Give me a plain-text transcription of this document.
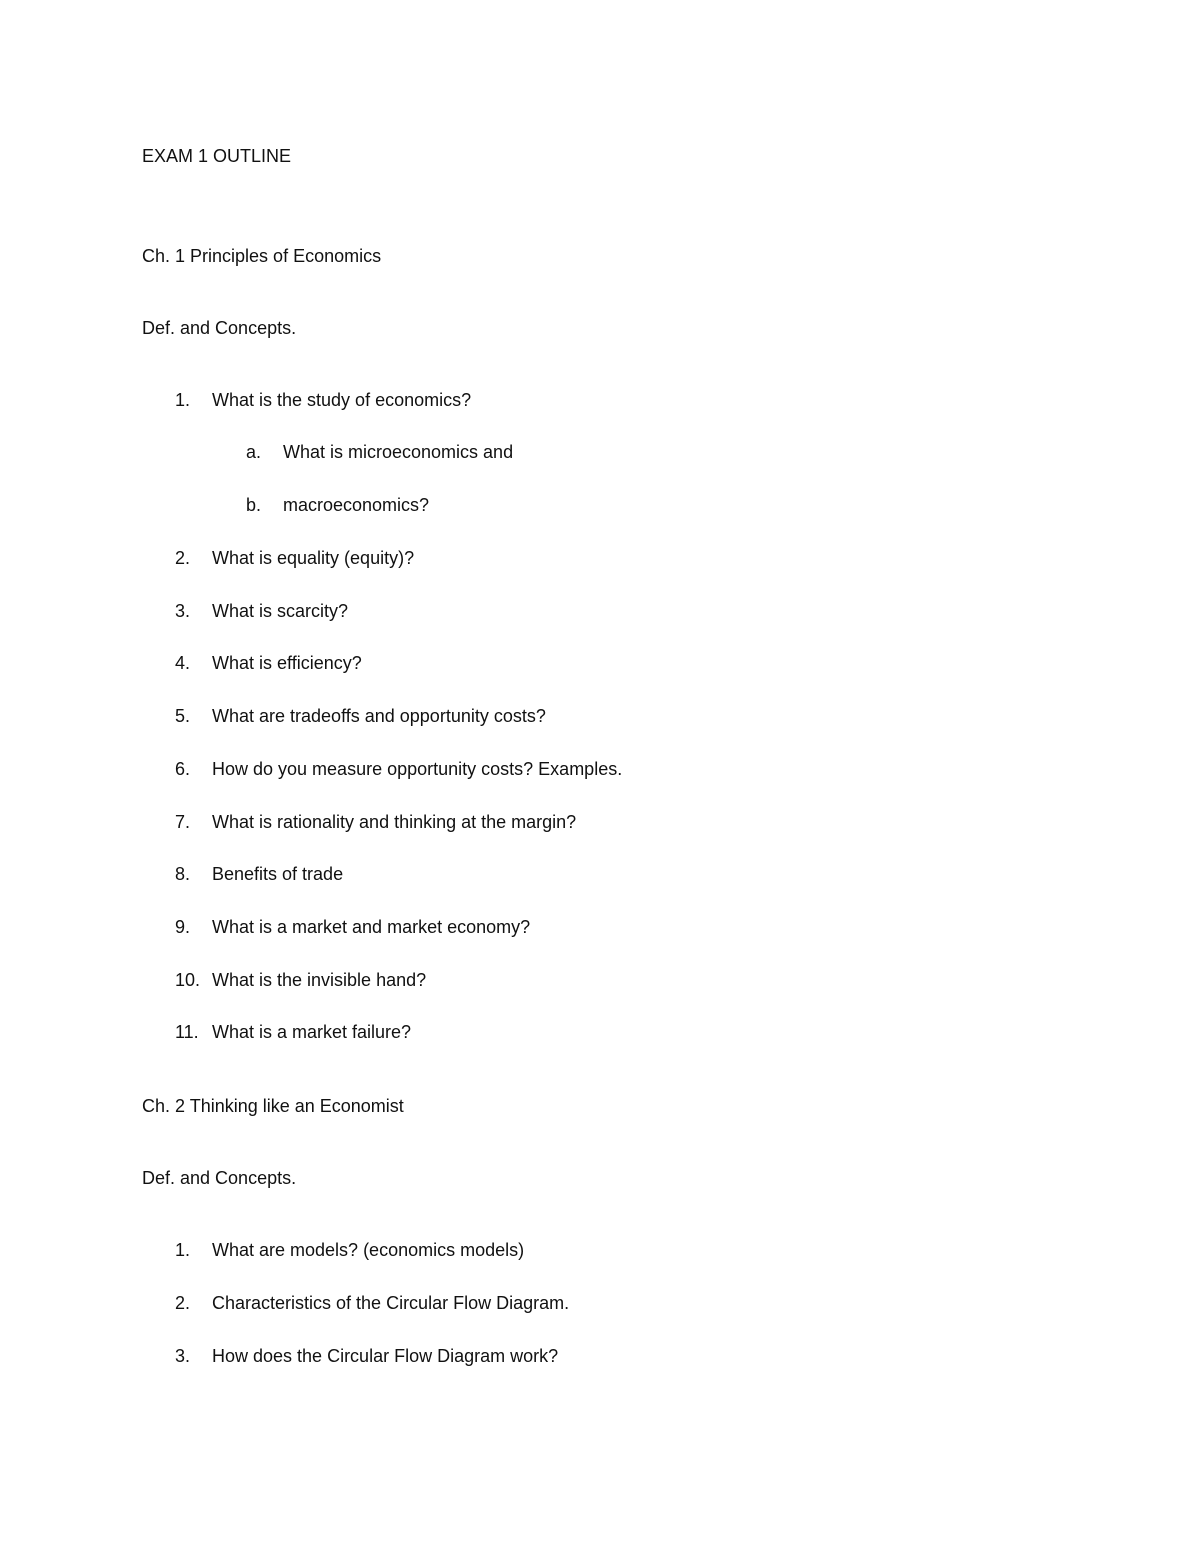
EXAM 1 OUTLINE
Ch. 1 Principles of Economics
Def. and Concepts.
1.	What is the study of economics?
a.	What is microeconomics and
b.	macroeconomics?
2.	What is equality (equity)?
3.	What is scarcity?
4.	What is efficiency?
5.	What are tradeoffs and opportunity costs?
6.	How do you measure opportunity costs? Examples.
7.	What is rationality and thinking at the margin?
8.	Benefits of trade
9.	What is a market and market economy?
10. What is the invisible hand?
11. What is a market failure?
Ch. 2 Thinking like an Economist
Def. and Concepts.
1.	What are models? (economics models)
2.	Characteristics of the Circular Flow Diagram.
3.	How does the Circular Flow Diagram work?
